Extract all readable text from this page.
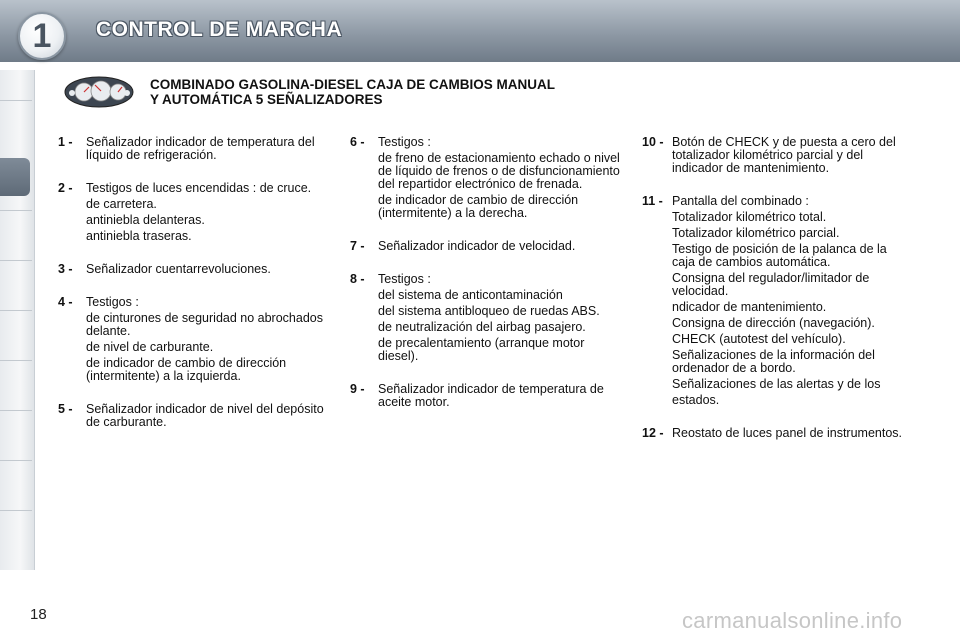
1 CONTROL DE MARCHA
COMBINADO GASOLINA-DIESEL CAJA DE CAMBIOS MANUAL
Y AUTOMÁTICA 5 SEÑALIZADORES
1 -	Señalizador indicador de temperatura del líquido de refrigeración.
2 -	Testigos de luces encendidas : de cruce.
de carretera.
antiniebla delanteras.
antiniebla traseras.
3 -	Señalizador cuentarrevoluciones.
4 -	Testigos :
de cinturones de seguridad no abrochados delante.
de nivel de carburante.
de indicador de cambio de dirección (intermitente) a la izquierda.
5 -	Señalizador indicador de nivel del depósito de carburante.
6 -	Testigos :
de freno de estacionamiento echado o nivel de líquido de frenos o de disfuncionamiento del repartidor electrónico de frenada.
de indicador de cambio de dirección (intermitente) a la derecha.
7 -	Señalizador indicador de velocidad.
8 -	Testigos :
del sistema de anticontaminación
del sistema antibloqueo de ruedas ABS.
de neutralización del airbag pasajero.
de precalentamiento (arranque motor diesel).
9 -	Señalizador indicador de temperatura de aceite motor.
10 - Botón de CHECK y de puesta a cero del totalizador kilométrico parcial y del indicador de mantenimiento.
11 - Pantalla del combinado :
Totalizador kilométrico total.
Totalizador kilométrico parcial.
Testigo de posición de la palanca de la caja de cambios automática.
Consigna del regulador/limitador de velocidad.
ndicador de mantenimiento.
Consigna de dirección (navegación).
CHECK (autotest del vehículo).
Señalizaciones de la información del ordenador de a bordo.
Señalizaciones de las alertas y de los
estados.
12 - Reostato de luces panel de instrumentos.
18	carmanualsonline.info
